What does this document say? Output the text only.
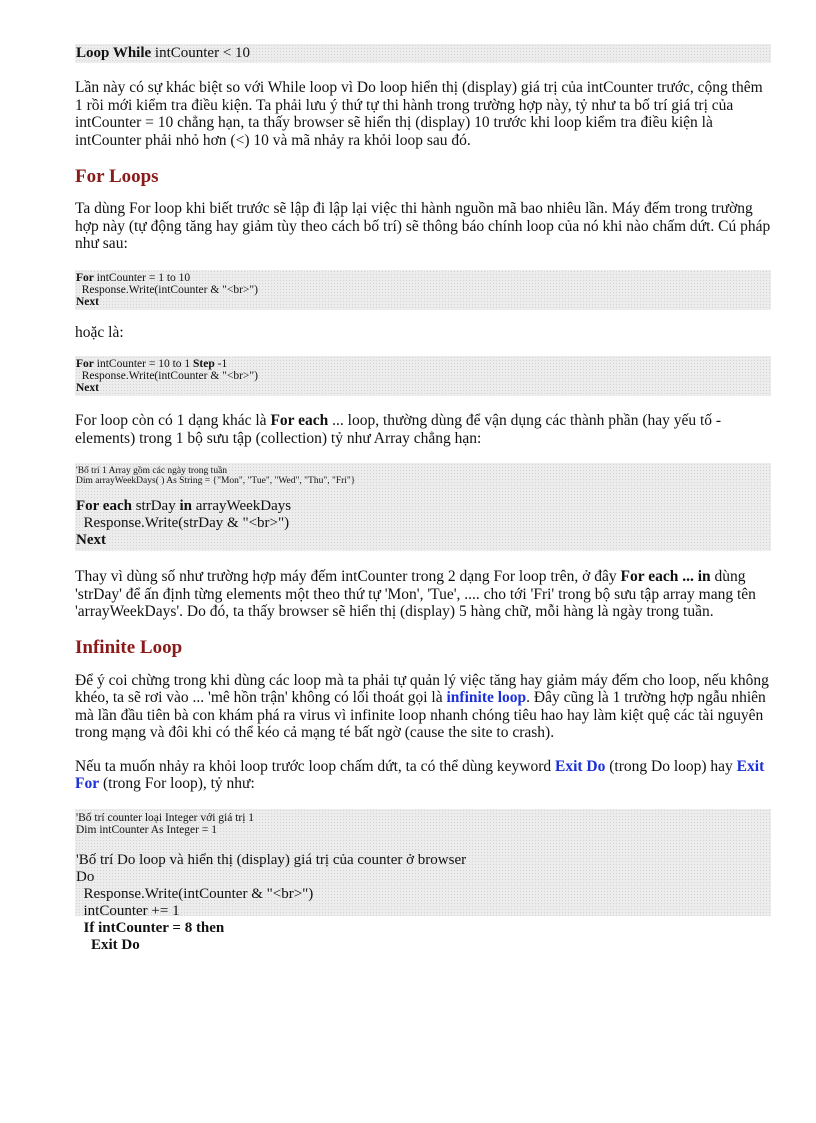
Loop While intCounter < 10

Lần này có sự khác biệt so với While loop vì Do loop hiển thị (display) giá trị của intCounter trước, cộng thêm 1 rồi mới kiểm tra điều kiện. Ta phải lưu ý thứ tự thi hành trong trường hợp này, tỷ như ta bố trí giá trị của intCounter = 10 chẳng hạn, ta thấy browser sẽ hiển thị (display) 10 trước khi loop kiểm tra điều kiện là intCounter phải nhỏ hơn (<) 10 và mã nhảy ra khỏi loop sau đó.

For Loops

Ta dùng For loop khi biết trước sẽ lập đi lập lại việc thi hành nguồn mã bao nhiêu lần. Máy đếm trong trường hợp này (tự động tăng hay giảm tùy theo cách bố trí) sẽ thông báo chính loop của nó khi nào chấm dứt. Cú pháp như sau:

For intCounter = 1 to 10
Response.Write(intCounter & "<br>")
Next

hoặc là:

For intCounter = 10 to 1 Step -1
Response.Write(intCounter & "<br>")
Next

For loop còn có 1 dạng khác là For each ... loop, thường dùng để vận dụng các thành phần (hay yếu tố - elements) trong 1 bộ sưu tập (collection) tỷ như Array chẳng hạn:

'Bố trí 1 Array gồm các ngày trong tuần
Dim arrayWeekDays( ) As String = {"Mon", "Tue", "Wed", "Thu", "Fri"}
For each strDay in arrayWeekDays
Response.Write(strDay & "<br>")
Next

Thay vì dùng số như trường hợp máy đếm intCounter trong 2 dạng For loop trên, ở đây For each ... in dùng 'strDay' để ấn định từng elements một theo thứ tự 'Mon', 'Tue', .... cho tới 'Fri' trong bộ sưu tập array mang tên 'arrayWeekDays'. Do đó, ta thấy browser sẽ hiển thị (display) 5 hàng chữ, mỗi hàng là ngày trong tuần.

Infinite Loop

Để ý coi chừng trong khi dùng các loop mà ta phải tự quản lý việc tăng hay giảm máy đếm cho loop, nếu không khéo, ta sẽ rơi vào ... 'mê hồn trận' không có lối thoát gọi là infinite loop. Đây cũng là 1 trường hợp ngẫu nhiên mà lần đầu tiên bà con khám phá ra virus vì infinite loop nhanh chóng tiêu hao hay làm kiệt quệ các tài nguyên trong mạng và đôi khi có thể kéo cả mạng té bất ngờ (cause the site to crash).

Nếu ta muốn nhảy ra khỏi loop trước loop chấm dứt, ta có thể dùng keyword Exit Do (trong Do loop) hay Exit For (trong For loop), tỷ như:

'Bố trí counter loại Integer với giá trị 1
Dim intCounter As Integer = 1
'Bố trí Do loop và hiển thị (display) giá trị của counter ở browser
Do
Response.Write(intCounter & "<br>")
intCounter += 1
If intCounter = 8 then
Exit Do
